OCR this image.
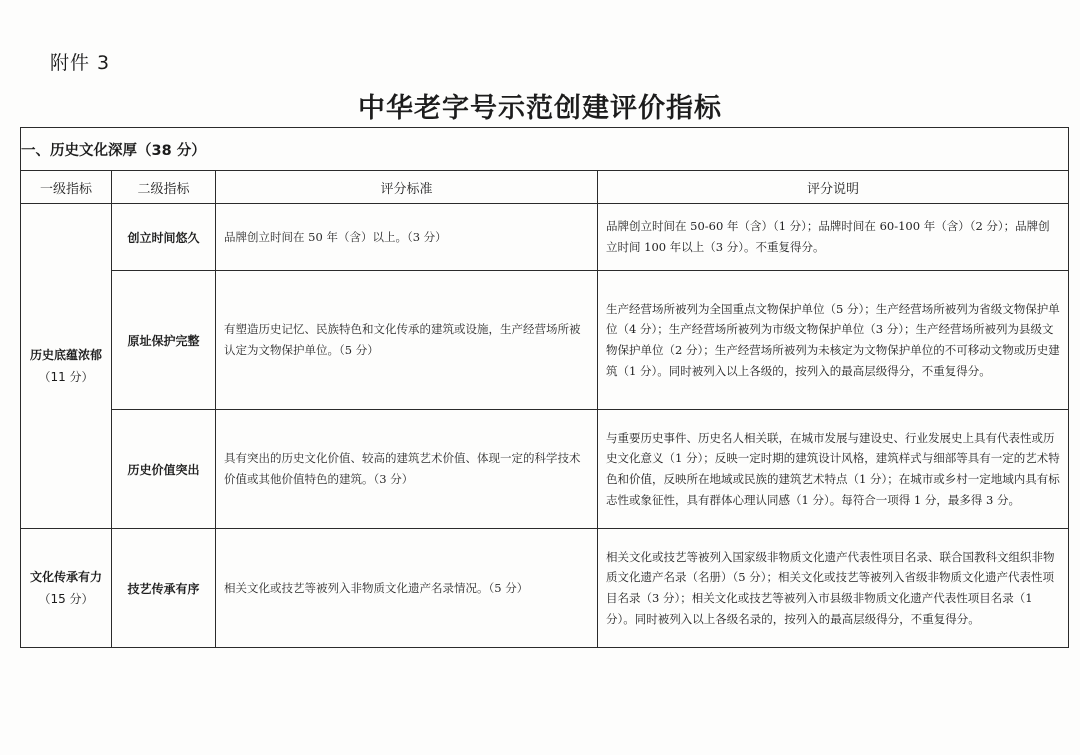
附件 3
中华老字号示范创建评价指标
一、历史文化深厚（38 分）			
一级指标	二级指标	评分标准	评分说明
历史底蕴浓郁
（11 分）	创立时间悠久	品牌创立时间在 50 年（含）以上。（3 分）	品牌创立时间在 50-60 年（含）（1 分）；品牌时间在 60-100 年（含）（2 分）；品牌创立时间 100 年以上（3 分）。不重复得分。
	原址保护完整	有塑造历史记忆、民族特色和文化传承的建筑或设施，生产经营场所被认定为文物保护单位。（5 分）	生产经营场所被列为全国重点文物保护单位（5 分）；生产经营场所被列为省级文物保护单位（4 分）；生产经营场所被列为市级文物保护单位（3 分）；生产经营场所被列为县级文物保护单位（2 分）；生产经营场所被列为未核定为文物保护单位的不可移动文物或历史建筑（1 分）。同时被列入以上各级的，按列入的最高层级得分，不重复得分。
	历史价值突出	具有突出的历史文化价值、较高的建筑艺术价值、体现一定的科学技术价值或其他价值特色的建筑。（3 分）	与重要历史事件、历史名人相关联，在城市发展与建设史、行业发展史上具有代表性或历史文化意义（1 分）；反映一定时期的建筑设计风格，建筑样式与细部等具有一定的艺术特色和价值，反映所在地域或民族的建筑艺术特点（1 分）；在城市或乡村一定地域内具有标志性或象征性，具有群体心理认同感（1 分）。每符合一项得 1 分，最多得 3 分。
文化传承有力
（15 分）	技艺传承有序	相关文化或技艺等被列入非物质文化遗产名录情况。（5 分）	相关文化或技艺等被列入国家级非物质文化遗产代表性项目名录、联合国教科文组织非物质文化遗产名录（名册）（5 分）；相关文化或技艺等被列入省级非物质文化遗产代表性项目名录（3 分）；相关文化或技艺等被列入市县级非物质文化遗产代表性项目名录（1 分）。同时被列入以上各级名录的，按列入的最高层级得分，不重复得分。
